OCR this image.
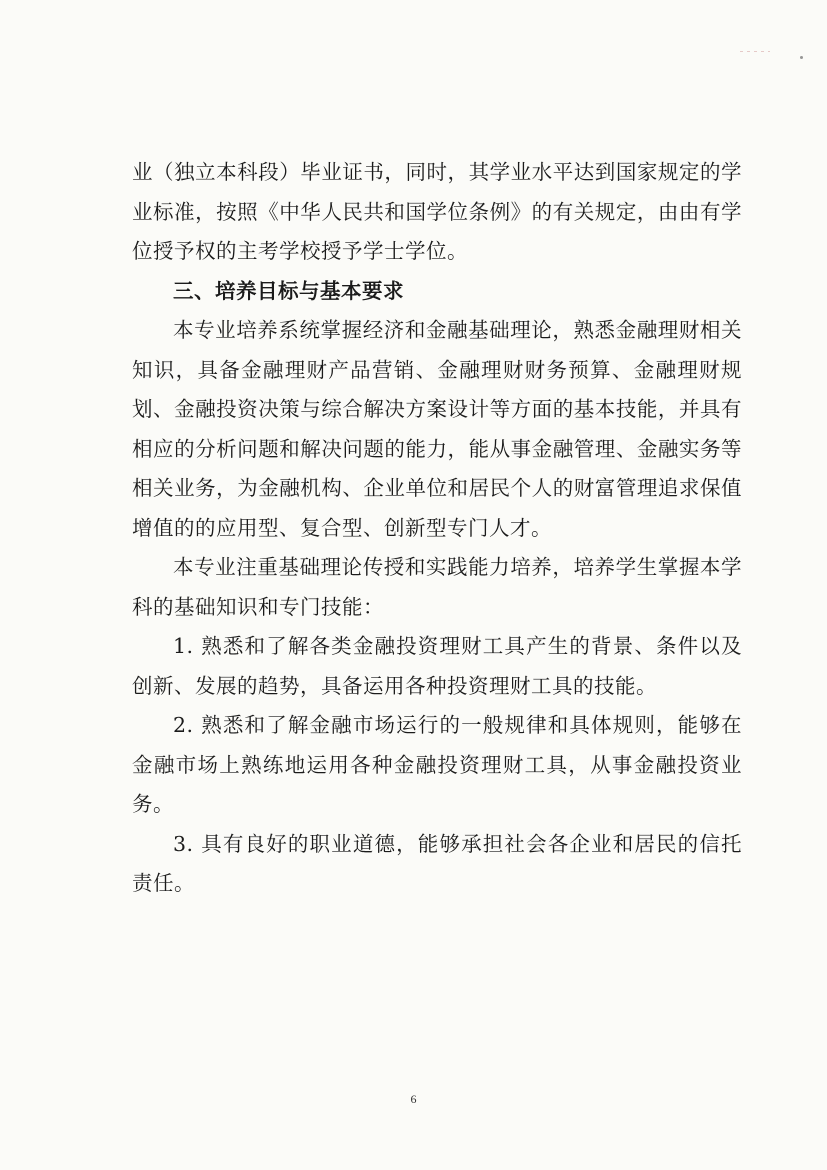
业（独立本科段）毕业证书，同时，其学业水平达到国家规定的学业标准，按照《中华人民共和国学位条例》的有关规定，由由有学位授予权的主考学校授予学士学位。

三、培养目标与基本要求

本专业培养系统掌握经济和金融基础理论，熟悉金融理财相关知识，具备金融理财产品营销、金融理财财务预算、金融理财规划、金融投资决策与综合解决方案设计等方面的基本技能，并具有相应的分析问题和解决问题的能力，能从事金融管理、金融实务等相关业务，为金融机构、企业单位和居民个人的财富管理追求保值增值的的应用型、复合型、创新型专门人才。

本专业注重基础理论传授和实践能力培养，培养学生掌握本学科的基础知识和专门技能：

1. 熟悉和了解各类金融投资理财工具产生的背景、条件以及创新、发展的趋势，具备运用各种投资理财工具的技能。

2. 熟悉和了解金融市场运行的一般规律和具体规则，能够在金融市场上熟练地运用各种金融投资理财工具，从事金融投资业务。

3. 具有良好的职业道德，能够承担社会各企业和居民的信托责任。

6
